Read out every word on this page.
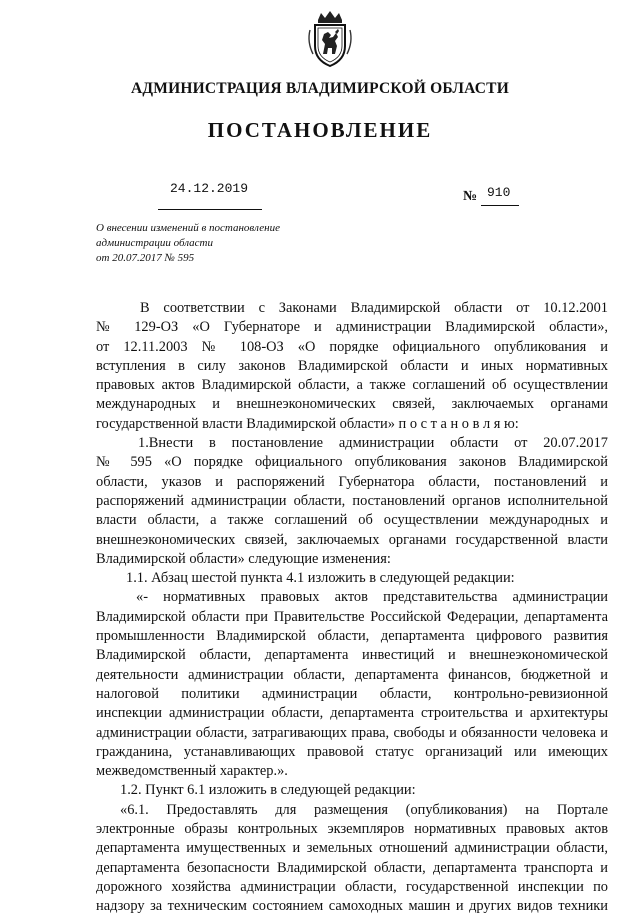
АДМИНИСТРАЦИЯ ВЛАДИМИРСКОЙ ОБЛАСТИ
ПОСТАНОВЛЕНИЕ
24.12.2019
№ 910
О внесении изменений в постановление
администрации области
от 20.07.2017 № 595
В соответствии с Законами Владимирской области от 10.12.2001
№ 129-ОЗ «О Губернаторе и администрации Владимирской области»,
от 12.11.2003 № 108-ОЗ «О порядке официального опубликования и
вступления в силу законов Владимирской области и иных нормативных
правовых актов Владимирской области, а также соглашений об осуществлении
международных и внешнеэкономических связей, заключаемых органами
государственной власти Владимирской области» п о с т а н о в л я ю:
1.Внести в постановление администрации области от 20.07.2017
№ 595 «О порядке официального опубликования законов Владимирской
области, указов и распоряжений Губернатора области, постановлений и
распоряжений администрации области, постановлений органов исполнительной
власти области, а также соглашений об осуществлении международных и
внешнеэкономических связей, заключаемых органами государственной власти
Владимирской области» следующие изменения:
1.1. Абзац шестой пункта 4.1 изложить в следующей редакции:
«- нормативных правовых актов представительства администрации
Владимирской области при Правительстве Российской Федерации, департамента
промышленности Владимирской области, департамента цифрового развития
Владимирской области, департамента инвестиций и внешнеэкономической
деятельности администрации области, департамента финансов, бюджетной и
налоговой политики администрации области, контрольно-ревизионной
инспекции администрации области, департамента строительства и архитектуры
администрации области, затрагивающих права, свободы и обязанности человека и
гражданина, устанавливающих правовой статус организаций или имеющих
межведомственный характер.».
1.2. Пункт 6.1 изложить в следующей редакции:
«6.1. Предоставлять для размещения (опубликования) на Портале
электронные образы контрольных экземпляров нормативных правовых актов
департамента имущественных и земельных отношений администрации области,
департамента безопасности Владимирской области, департамента транспорта и
дорожного хозяйства администрации области, государственной инспекции по
надзору за техническим состоянием самоходных машин и других видов техники
